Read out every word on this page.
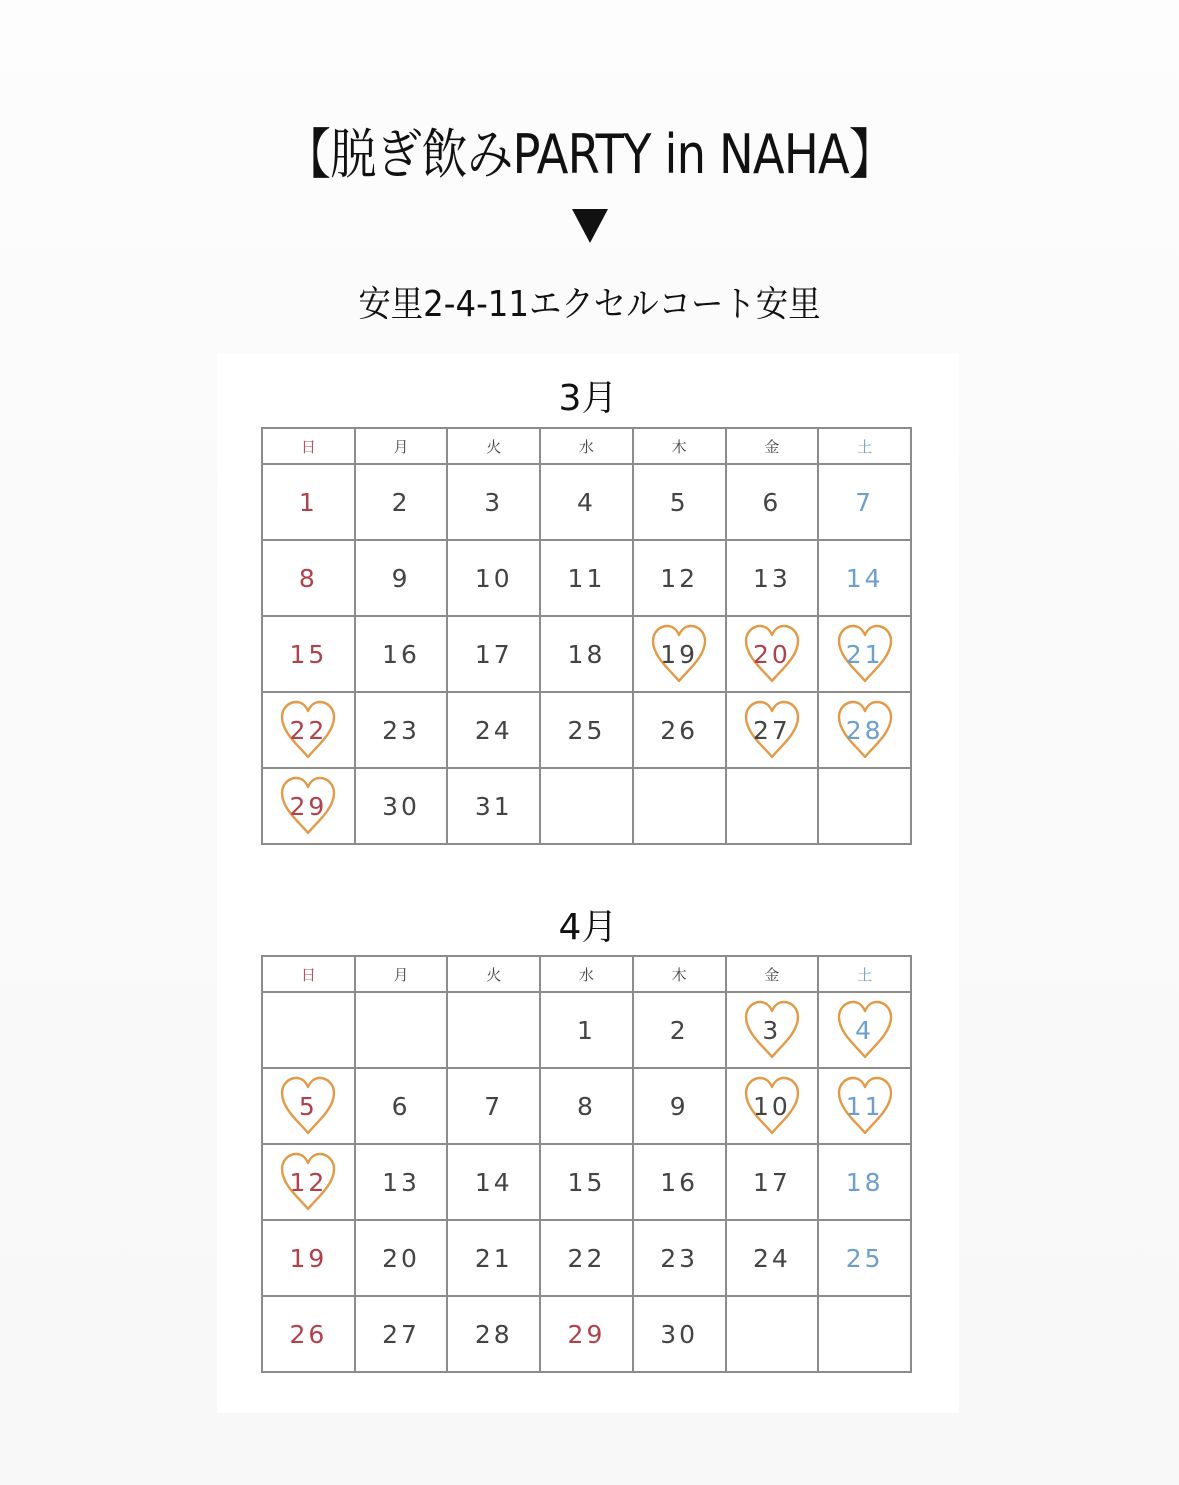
【脱ぎ飲みPARTY in NAHA】
安里2-4-11エクセルコート安里
3月
日	月	火	水	木	金	土
1	2	3	4	5	6	7
8	9	10	11	12	13	14
15	16	17	18	19	20	21

22	23	24	25	26	27	28

29	30	31				
4月
日	月	火	水	木	金	土
			1	2	3	4

5	6	7	8	9	10	11

12	13	14	15	16	17	18
19	20	21	22	23	24	25
26	27	28	29	30		
